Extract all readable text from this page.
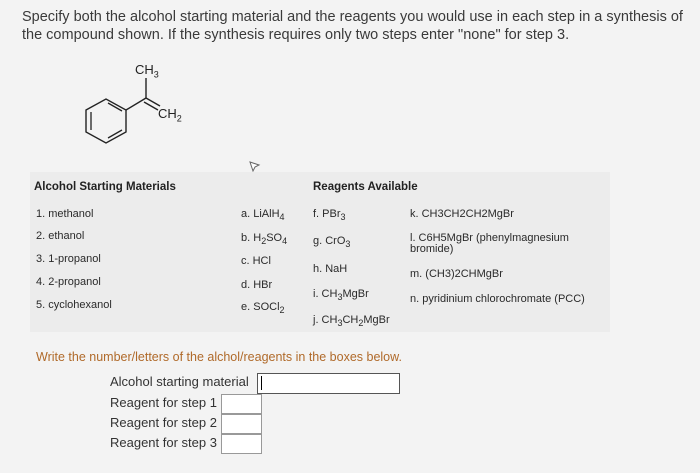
Specify both the alcohol starting material and the reagents you would use in each step in a synthesis of the compound shown. If the synthesis requires only two steps enter "none" for step 3.
$CH_3$
$CH_2$
Alcohol Starting Materials
1. methanol
2. ethanol
3. 1-propanol
4. 2-propanol
5. cyclohexanol
Reagents Available
a. LiAlH$_4$
b. $H_2SO_4$
c. HCl
d. HBr
e. SOCl$_2$
f. PBr$_3$
g. CrO$_3$
h. NaH
i. $CH_3MgBr$
j. $CH_3CH_2MgBr$
k. CH3CH2CH2MgBr
l. C6H5MgBr (phenylmagnesium bromide)
m. (CH3)2CHMgBr
n. pyridinium chlorochromate (PCC)
Write the number/letters of the alchol/reagents in the boxes below.
Alcohol starting material
Reagent for step 1
Reagent for step 2
Reagent for step 3
